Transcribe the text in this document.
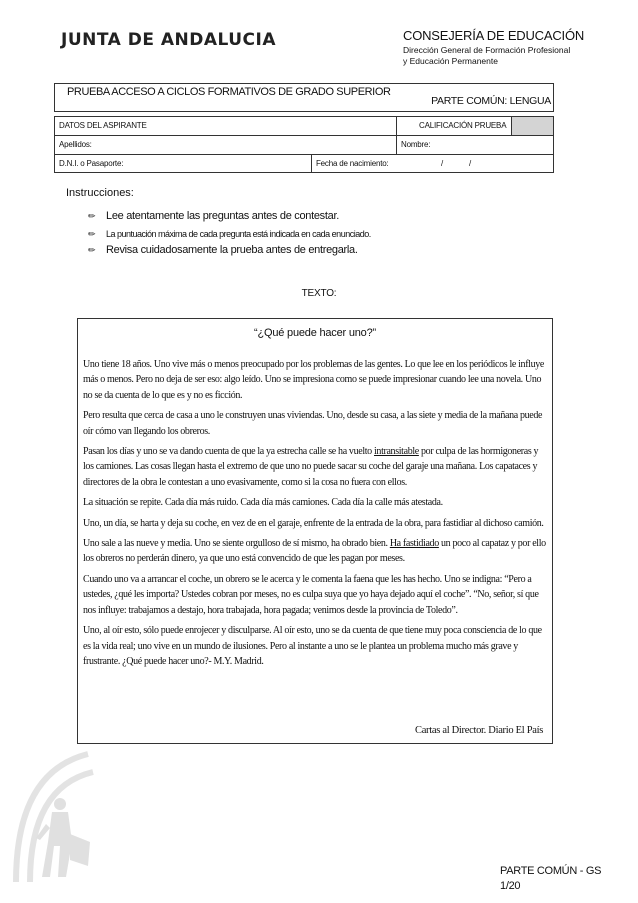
JUNTA DE ANDALUCIA	CONSEJERÍA DE EDUCACIÓN
Dirección General de Formación Profesional
y Educación Permanente
PRUEBA ACCESO A CICLOS FORMATIVOS DE GRADO SUPERIOR
PARTE COMÚN: LENGUA
DATOS DEL ASPIRANTE	CALIFICACIÓN PRUEBA
Apellidos:	Nombre:
D.N.I. o Pasaporte:	Fecha de nacimiento:	/	/
Instrucciones:
✏ Lee atentamente las preguntas antes de contestar.
✏ La puntuación máxima de cada pregunta está indicada en cada enunciado.
✏ Revisa cuidadosamente la prueba antes de entregarla.
TEXTO:
“¿Qué puede hacer uno?”

Uno tiene 18 años. Uno vive más o menos preocupado por los problemas de las gentes. Lo que lee en los periódicos le influye más o menos. Pero no deja de ser eso: algo leído. Uno se impresiona como se puede impresionar cuando lee una novela. Uno no se da cuenta de lo que es y no es ficción.

Pero resulta que cerca de casa a uno le construyen unas viviendas. Uno, desde su casa, a las siete y media de la mañana puede oír cómo van llegando los obreros.

Pasan los días y uno se va dando cuenta de que la ya estrecha calle se ha vuelto intransitable por culpa de las hormigoneras y los camiones. Las cosas llegan hasta el extremo de que uno no puede sacar su coche del garaje una mañana. Los capataces y directores de la obra le contestan a uno evasivamente, como si la cosa no fuera con ellos.

La situación se repite. Cada día más ruido. Cada día más camiones. Cada día la calle más atestada.

Uno, un día, se harta y deja su coche, en vez de en el garaje, enfrente de la entrada de la obra, para fastidiar al dichoso camión.

Uno sale a las nueve y media. Uno se siente orgulloso de sí mismo, ha obrado bien. Ha fastidiado un poco al capataz y por ello los obreros no perderán dinero, ya que uno está convencido de que les pagan por meses.

Cuando uno va a arrancar el coche, un obrero se le acerca y le comenta la faena que les has hecho. Uno se indigna: “Pero a ustedes, ¿qué les importa? Ustedes cobran por meses, no es culpa suya que yo haya dejado aquí el coche”. “No, señor, sí que nos influye: trabajamos a destajo, hora trabajada, hora pagada; venimos desde la provincia de Toledo”.

Uno, al oír esto, sólo puede enrojecer y disculparse. Al oír esto, uno se da cuenta de que tiene muy poca consciencia de lo que es la vida real; uno vive en un mundo de ilusiones. Pero al instante a uno se le plantea un problema mucho más grave y frustrante. ¿Qué puede hacer uno?- M.Y. Madrid.

Cartas al Director. Diario El País
PARTE COMÚN - GS
1/20
